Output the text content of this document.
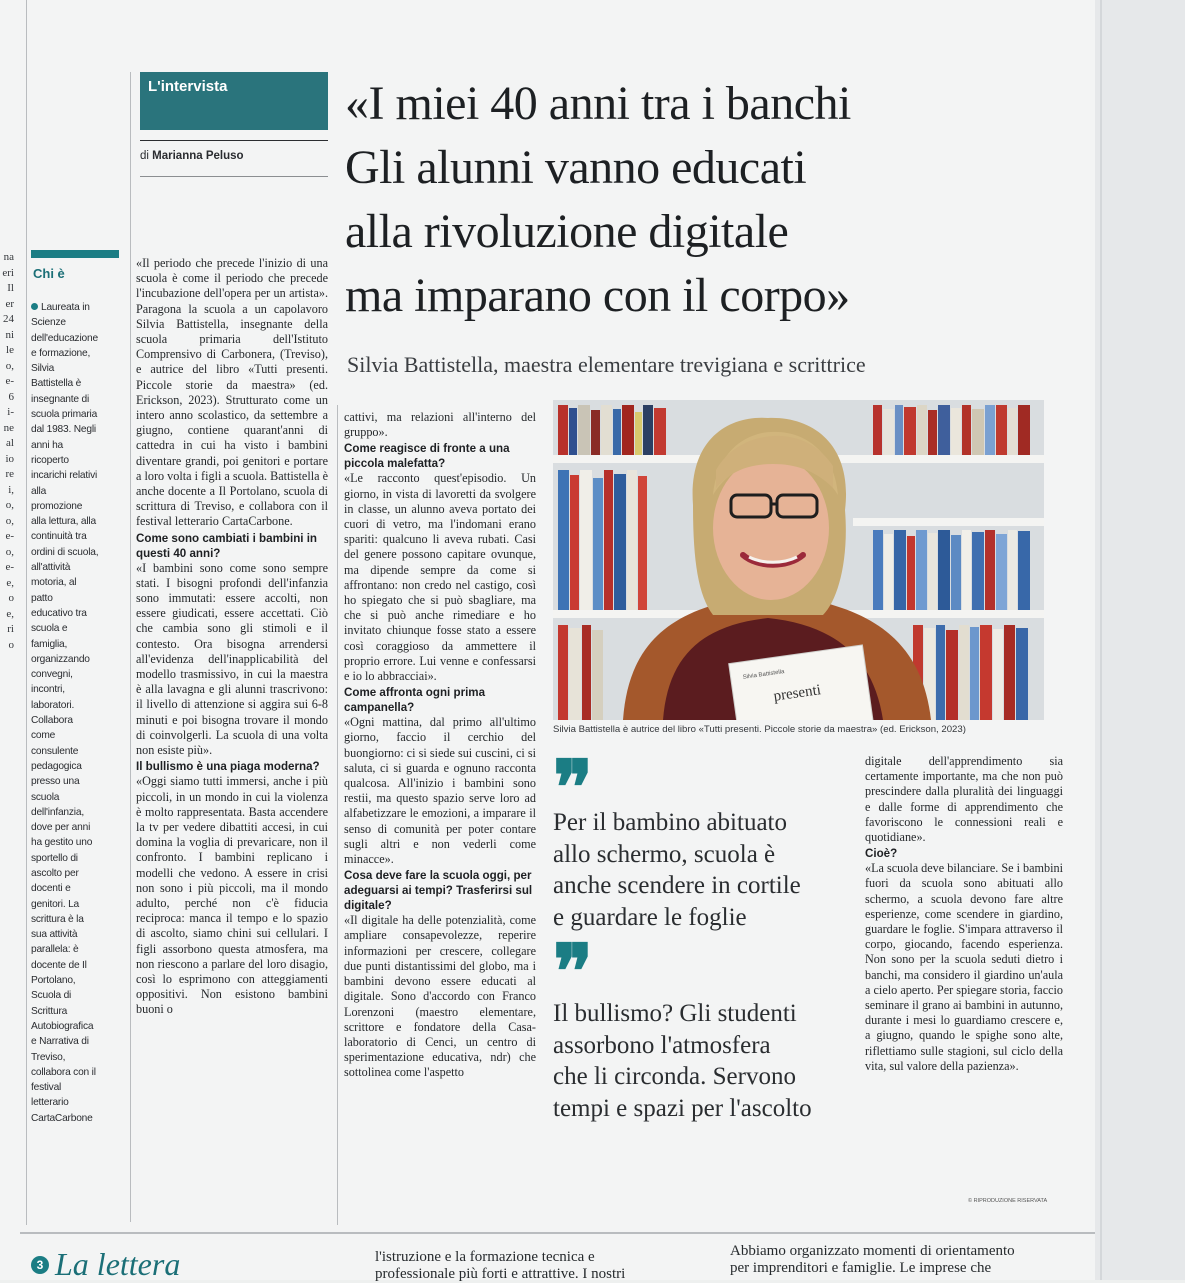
na
eri
Il
er
24
ni
le
o,
e-
6
i-
ne
al
io
re
i,
o,
o,
e-
o,
e-
e,
o
e,
ri
o
Chi è
Laureata in
Scienze
dell'educazione
e formazione,
Silvia
Battistella è
insegnante di
scuola primaria
dal 1983. Negli
anni ha
ricoperto
incarichi relativi
alla
promozione
alla lettura, alla
continuità tra
ordini di scuola,
all'attività
motoria, al
patto
educativo tra
scuola e
famiglia,
organizzando
convegni,
incontri,
laboratori.
Collabora
come
consulente
pedagogica
presso una
scuola
dell'infanzia,
dove per anni
ha gestito uno
sportello di
ascolto per
docenti e
genitori. La
scrittura è la
sua attività
parallela: è
docente de Il
Portolano,
Scuola di
Scrittura
Autobiografica
e Narrativa di
Treviso,
collabora con il
festival
letterario
CartaCarbone
L'intervista
di Marianna Peluso
«I miei 40 anni tra i banchi
Gli alunni vanno educati
alla rivoluzione digitale
ma imparano con il corpo»
Silvia Battistella, maestra elementare trevigiana e scrittrice

«Il periodo che precede l'inizio di una scuola è come il periodo che precede l'incubazione dell'opera per un artista». Paragona la scuola a un capolavoro Silvia Battistella, insegnante della scuola primaria dell'Istituto Comprensivo di Carbonera, (Treviso), e autrice del libro «Tutti presenti. Piccole storie da maestra» (ed. Erickson, 2023). Strutturato come un intero anno scolastico, da settembre a giugno, contiene quarant'anni di cattedra in cui ha visto i bambini diventare grandi, poi genitori e portare a loro volta i figli a scuola. Battistella è anche docente a Il Portolano, scuola di scrittura di Treviso, e collabora con il festival letterario CartaCarbone.

Come sono cambiati i bambini in questi 40 anni?

«I bambini sono come sono sempre stati. I bisogni profondi dell'infanzia sono immutati: essere accolti, non essere giudicati, essere accettati. Ciò che cambia sono gli stimoli e il contesto. Ora bisogna arrendersi all'evidenza dell'inapplicabilità del modello trasmissivo, in cui la maestra è alla lavagna e gli alunni trascrivono: il livello di attenzione si aggira sui 6-8 minuti e poi bisogna trovare il mondo di coinvolgerli. La scuola di una volta non esiste più».

Il bullismo è una piaga moderna?

«Oggi siamo tutti immersi, anche i più piccoli, in un mondo in cui la violenza è molto rappresentata. Basta accendere la tv per vedere dibattiti accesi, in cui domina la voglia di prevaricare, non il confronto. I bambini replicano i modelli che vedono. A essere in crisi non sono i più piccoli, ma il mondo adulto, perché non c'è fiducia reciproca: manca il tempo e lo spazio di ascolto, siamo chini sui cellulari. I figli assorbono questa atmosfera, ma non riescono a parlare del loro disagio, così lo esprimono con atteggiamenti oppositivi. Non esistono bambini buoni o

cattivi, ma relazioni all'interno del gruppo».

Come reagisce di fronte a una piccola malefatta?

«Le racconto quest'episodio. Un giorno, in vista di lavoretti da svolgere in classe, un alunno aveva portato dei cuori di vetro, ma l'indomani erano spariti: qualcuno li aveva rubati. Casi del genere possono capitare ovunque, ma dipende sempre da come si affrontano: non credo nel castigo, così ho spiegato che si può sbagliare, ma che si può anche rimediare e ho invitato chiunque fosse stato a essere così coraggioso da ammettere il proprio errore. Lui venne e confessarsi e io lo abbracciai».

Come affronta ogni prima campanella?

«Ogni mattina, dal primo all'ultimo giorno, faccio il cerchio del buongiorno: ci si siede sui cuscini, ci si saluta, ci si guarda e ognuno racconta qualcosa. All'inizio i bambini sono restii, ma questo spazio serve loro ad alfabetizzare le emozioni, a imparare il senso di comunità per poter contare sugli altri e non vederli come minacce».

Cosa deve fare la scuola oggi, per adeguarsi ai tempi? Trasferirsi sul digitale?

«Il digitale ha delle potenzialità, come ampliare consapevolezze, reperire informazioni per crescere, collegare due punti distantissimi del globo, ma i bambini devono essere educati al digitale. Sono d'accordo con Franco Lorenzoni (maestro elementare, scrittore e fondatore della Casa-laboratorio di Cenci, un centro di sperimentazione educativa, ndr) che sottolinea come l'aspetto

digitale dell'apprendimento sia certamente importante, ma che non può prescindere dalla pluralità dei linguaggi e dalle forme di apprendimento che favoriscono le connessioni reali e quotidiane».

Cioè?

«La scuola deve bilanciare. Se i bambini fuori da scuola sono abituati allo schermo, a scuola devono fare altre esperienze, come scendere in giardino, guardare le foglie. S'impara attraverso il corpo, giocando, facendo esperienza. Non sono per la scuola seduti dietro i banchi, ma considero il giardino un'aula a cielo aperto. Per spiegare storia, faccio seminare il grano ai bambini in autunno, durante i mesi lo guardiamo crescere e, a giugno, quando le spighe sono alte, riflettiamo sulle stagioni, sul ciclo della vita, sul valore della pazienza».

Silvia Battistella
presenti
Silvia Battistella è autrice del libro «Tutti presenti. Piccole storie da maestra» (ed. Erickson, 2023)
❞
Per il bambino abituato
allo schermo, scuola è
anche scendere in cortile
e guardare le foglie
❞
Il bullismo? Gli studenti
assorbono l'atmosfera
che li circonda. Servono
tempi e spazi per l'ascolto
© RIPRODUZIONE RISERVATA
3 La lettera	l'istruzione e la formazione tecnica e
professionale più forti e attrattive. I nostri
Abbiamo organizzato momenti di orientamento
per imprenditori e famiglie. Le imprese che
